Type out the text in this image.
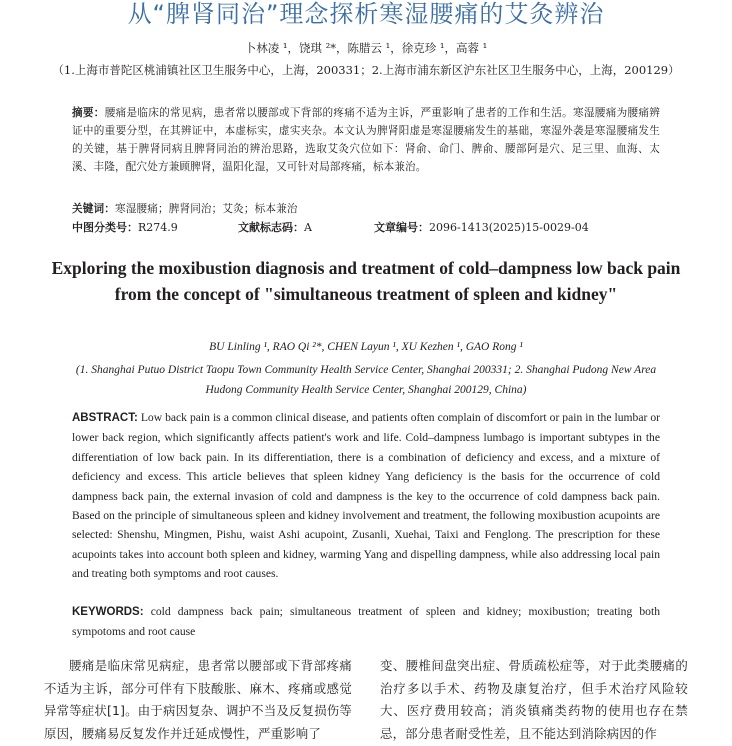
从“脾肾同治”理念探析寒湿腰痛的艾灸辨治
卜林凌 ¹，饶琪 ²*，陈腊云 ¹，徐克珍 ¹，高蓉 ¹
（1.上海市普陀区桃浦镇社区卫生服务中心，上海，200331；2.上海市浦东新区沪东社区卫生服务中心，上海，200129）
摘要：腰痛是临床的常见病，患者常以腰部或下背部的疼痛不适为主诉，严重影响了患者的工作和生活。寒湿腰痛为腰痛辨证中的重要分型，在其辨证中，本虚标实，虚实夹杂。本文认为脾肾阳虚是寒湿腰痛发生的基础，寒湿外袭是寒湿腰痛发生的关键，基于脾肾同病且脾肾同治的辨治思路，选取艾灸穴位如下：肾俞、命门、脾俞、腰部阿是穴、足三里、血海、太溪、丰隆，配穴处方兼顾脾肾，温阳化湿，又可针对局部疼痛，标本兼治。
关键词：寒湿腰痛；脾肾同治；艾灸；标本兼治
中图分类号：R274.9	文献标志码：A	文章编号：2096-1413(2025)15-0029-04
Exploring the moxibustion diagnosis and treatment of cold–dampness low back pain from the concept of "simultaneous treatment of spleen and kidney"
BU Linling ¹, RAO Qi ²*, CHEN Layun ¹, XU Kezhen ¹, GAO Rong ¹
(1. Shanghai Putuo District Taopu Town Community Health Service Center, Shanghai 200331; 2. Shanghai Pudong New Area Hudong Community Health Service Center, Shanghai 200129, China)
ABSTRACT: Low back pain is a common clinical disease, and patients often complain of discomfort or pain in the lumbar or lower back region, which significantly affects patient's work and life. Cold–dampness lumbago is important subtypes in the differentiation of low back pain. In its differentiation, there is a combination of deficiency and excess, and a mixture of deficiency and excess. This article believes that spleen kidney Yang deficiency is the basis for the occurrence of cold dampness back pain, the external invasion of cold and dampness is the key to the occurrence of cold dampness back pain. Based on the principle of simultaneous spleen and kidney involvement and treatment, the following moxibustion acupoints are selected: Shenshu, Mingmen, Pishu, waist Ashi acupoint, Zusanli, Xuehai, Taixi and Fenglong. The prescription for these acupoints takes into account both spleen and kidney, warming Yang and dispelling dampness, while also addressing local pain and treating both symptoms and root causes.
KEYWORDS: cold dampness back pain; simultaneous treatment of spleen and kidney; moxibustion; treating both sympotoms and root cause
腰痛是临床常见病症，患者常以腰部或下背部疼痛不适为主诉，部分可伴有下肢酸胀、麻木、疼痛或感觉异常等症状[1]。由于病因复杂、调护不当及反复损伤等原因，腰痛易反复发作并迁延成慢性，严重影响了
变、腰椎间盘突出症、骨质疏松症等，对于此类腰痛的治疗多以手术、药物及康复治疗，但手术治疗风险较大、医疗费用较高；消炎镇痛类药物的使用也存在禁忌，部分患者耐受性差，且不能达到消除病因的作
